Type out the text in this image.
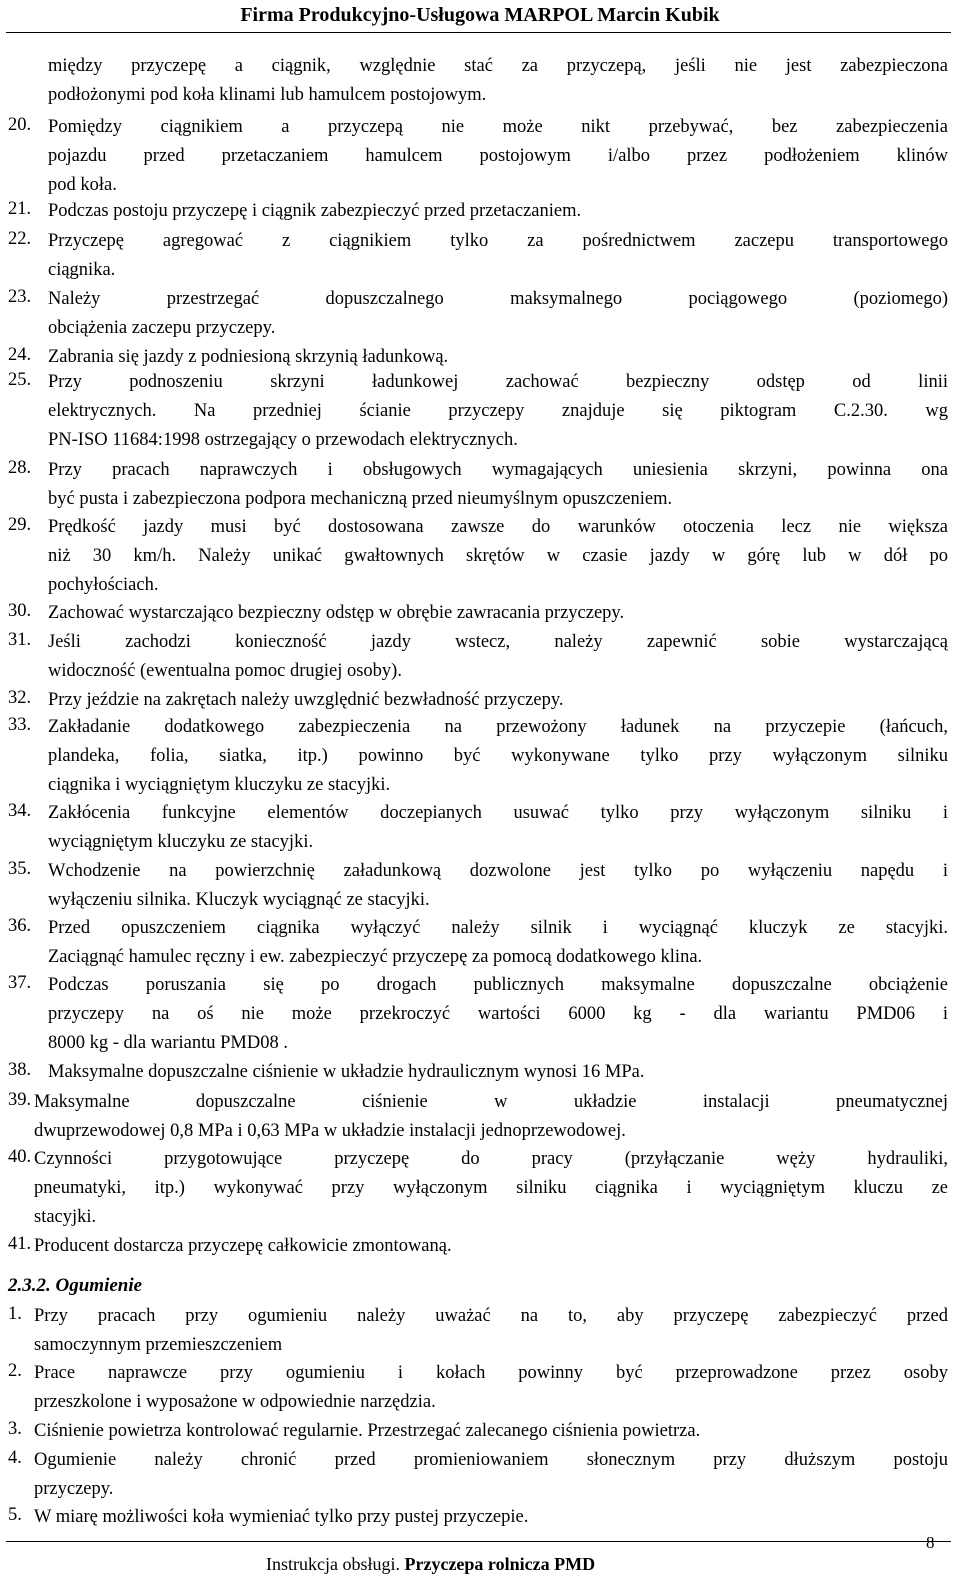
Firma Produkcyjno-Usługowa MARPOL Marcin Kubik
między przyczepę a ciągnik, względnie stać za przyczepą, jeśli nie jest zabezpieczona
podłożonymi pod koła klinami lub hamulcem postojowym.
20. Pomiędzy ciągnikiem a przyczepą nie może nikt przebywać, bez zabezpieczenia
pojazdu przed przetaczaniem hamulcem postojowym i/albo przez podłożeniem klinów
pod koła.
21. Podczas postoju przyczepę i ciągnik zabezpieczyć przed przetaczaniem.
22. Przyczepę agregować z ciągnikiem tylko za pośrednictwem zaczepu transportowego
ciągnika.
23. Należy przestrzegać dopuszczalnego maksymalnego pociągowego (poziomego)
obciążenia zaczepu przyczepy.
24. Zabrania się jazdy z podniesioną skrzynią ładunkową.
25. Przy podnoszeniu skrzyni ładunkowej zachować bezpieczny odstęp od linii
elektrycznych. Na przedniej ścianie przyczepy znajduje się piktogram C.2.30. wg
PN-ISO 11684:1998 ostrzegający o przewodach elektrycznych.
28. Przy pracach naprawczych i obsługowych wymagających uniesienia skrzyni, powinna ona
być pusta i zabezpieczona podpora mechaniczną przed nieumyślnym opuszczeniem.
29. Prędkość jazdy musi być dostosowana zawsze do warunków otoczenia lecz nie większa
niż 30 km/h. Należy unikać gwałtownych skrętów w czasie jazdy w górę lub w dół po
pochyłościach.
30. Zachować wystarczająco bezpieczny odstęp w obrębie zawracania przyczepy.
31. Jeśli zachodzi konieczność jazdy wstecz, należy zapewnić sobie wystarczającą
widoczność (ewentualna pomoc drugiej osoby).
32. Przy jeździe na zakrętach należy uwzględnić bezwładność przyczepy.
33. Zakładanie dodatkowego zabezpieczenia na przewożony ładunek na przyczepie (łańcuch,
plandeka, folia, siatka, itp.) powinno być wykonywane tylko przy wyłączonym silniku
ciągnika i wyciągniętym kluczyku ze stacyjki.
34. Zakłócenia funkcyjne elementów doczepianych usuwać tylko przy wyłączonym silniku i
wyciągniętym kluczyku ze stacyjki.
35. Wchodzenie na powierzchnię załadunkową dozwolone jest tylko po wyłączeniu napędu i
wyłączeniu silnika. Kluczyk wyciągnąć ze stacyjki.
36. Przed opuszczeniem ciągnika wyłączyć należy silnik i wyciągnąć kluczyk ze stacyjki.
Zaciągnąć hamulec ręczny i ew. zabezpieczyć przyczepę za pomocą dodatkowego klina.
37. Podczas poruszania się po drogach publicznych maksymalne dopuszczalne obciążenie
przyczepy na oś nie może przekroczyć wartości 6000 kg - dla wariantu PMD06 i
8000 kg - dla wariantu PMD08 .
38. Maksymalne dopuszczalne ciśnienie w układzie hydraulicznym wynosi 16 MPa.
39. Maksymalne dopuszczalne ciśnienie w układzie instalacji pneumatycznej
dwuprzewodowej 0,8 MPa i 0,63 MPa w układzie instalacji jednoprzewodowej.
40. Czynności przygotowujące przyczepę do pracy (przyłączanie węży hydrauliki,
pneumatyki, itp.) wykonywać przy wyłączonym silniku ciągnika i wyciągniętym kluczu ze
stacyjki.
41. Producent dostarcza przyczepę całkowicie zmontowaną.
2.3.2. Ogumienie
1. Przy pracach przy ogumieniu należy uważać na to, aby przyczepę zabezpieczyć przed
samoczynnym przemieszczeniem
2. Prace naprawcze przy ogumieniu i kołach powinny być przeprowadzone przez osoby
przeszkolone i wyposażone w odpowiednie narzędzia.
3. Ciśnienie powietrza kontrolować regularnie. Przestrzegać zalecanego ciśnienia powietrza.
4. Ogumienie należy chronić przed promieniowaniem słonecznym przy dłuższym postoju
przyczepy.
5. W miarę możliwości koła wymieniać tylko przy pustej przyczepie.
Instrukcja obsługi. Przyczepa rolnicza PMD
8
